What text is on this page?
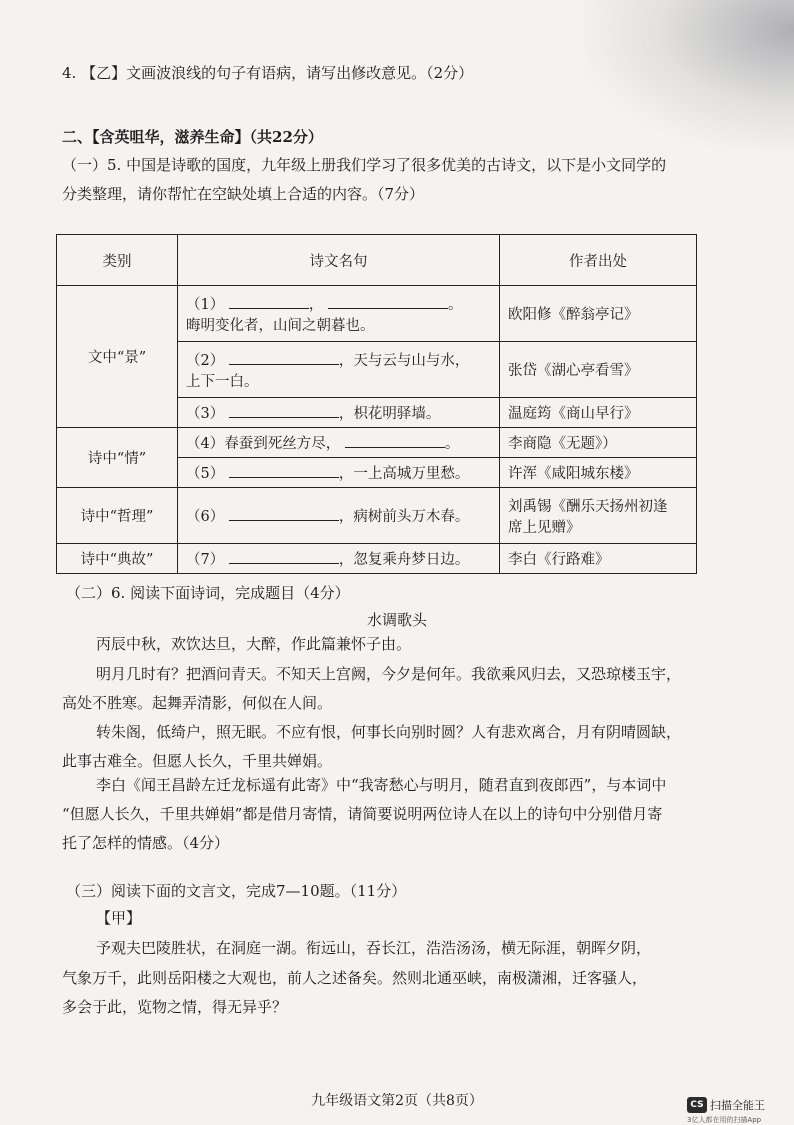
4. 【乙】文画波浪线的句子有语病，请写出修改意见。（2分）
二、【含英咀华，滋养生命】（共22分）
（一）5. 中国是诗歌的国度，九年级上册我们学习了很多优美的古诗文，以下是小文同学的
分类整理，请你帮忙在空缺处填上合适的内容。（7分）
类别	诗文名句	作者出处
文中“景”	（1） ， 。
晦明变化者，山间之朝暮也。	欧阳修《醉翁亭记》
	（2） ，天与云与山与水，
上下一白。	张岱《湖心亭看雪》
	（3） ，枳花明驿墙。	温庭筠《商山早行》
诗中“情”	（4）春蚕到死丝方尽， 。	李商隐《无题》）
	（5） ，一上高城万里愁。	许浑《咸阳城东楼》
诗中“哲理”	（6） ，病树前头万木春。	刘禹锡《酬乐天扬州初逢
席上见赠》
诗中“典故”	（7） ，忽复乘舟梦日边。	李白《行路难》
（二）6. 阅读下面诗词，完成题目（4分）
水调歌头
丙辰中秋，欢饮达旦，大醉，作此篇兼怀子由。
明月几时有？把酒问青天。不知天上宫阙，今夕是何年。我欲乘风归去，又恐琼楼玉宇，
高处不胜寒。起舞弄清影，何似在人间。
转朱阁，低绮户，照无眠。不应有恨，何事长向别时圆？人有悲欢离合，月有阴晴圆缺，
此事古难全。但愿人长久，千里共婵娟。
李白《闻王昌龄左迁龙标遥有此寄》中“我寄愁心与明月，随君直到夜郎西”，与本词中
“但愿人长久，千里共婵娟”都是借月寄情，请简要说明两位诗人在以上的诗句中分别借月寄
托了怎样的情感。（4分）
（三）阅读下面的文言文，完成7—10题。（11分）
【甲】
予观夫巴陵胜状，在洞庭一湖。衔远山，吞长江，浩浩汤汤，横无际涯，朝晖夕阴，
气象万千，此则岳阳楼之大观也，前人之述备矣。然则北通巫峡，南极潇湘，迁客骚人，
多会于此，览物之情，得无异乎？
九年级语文第2页（共8页）	CS 扫描全能王
3亿人都在用的扫描App
